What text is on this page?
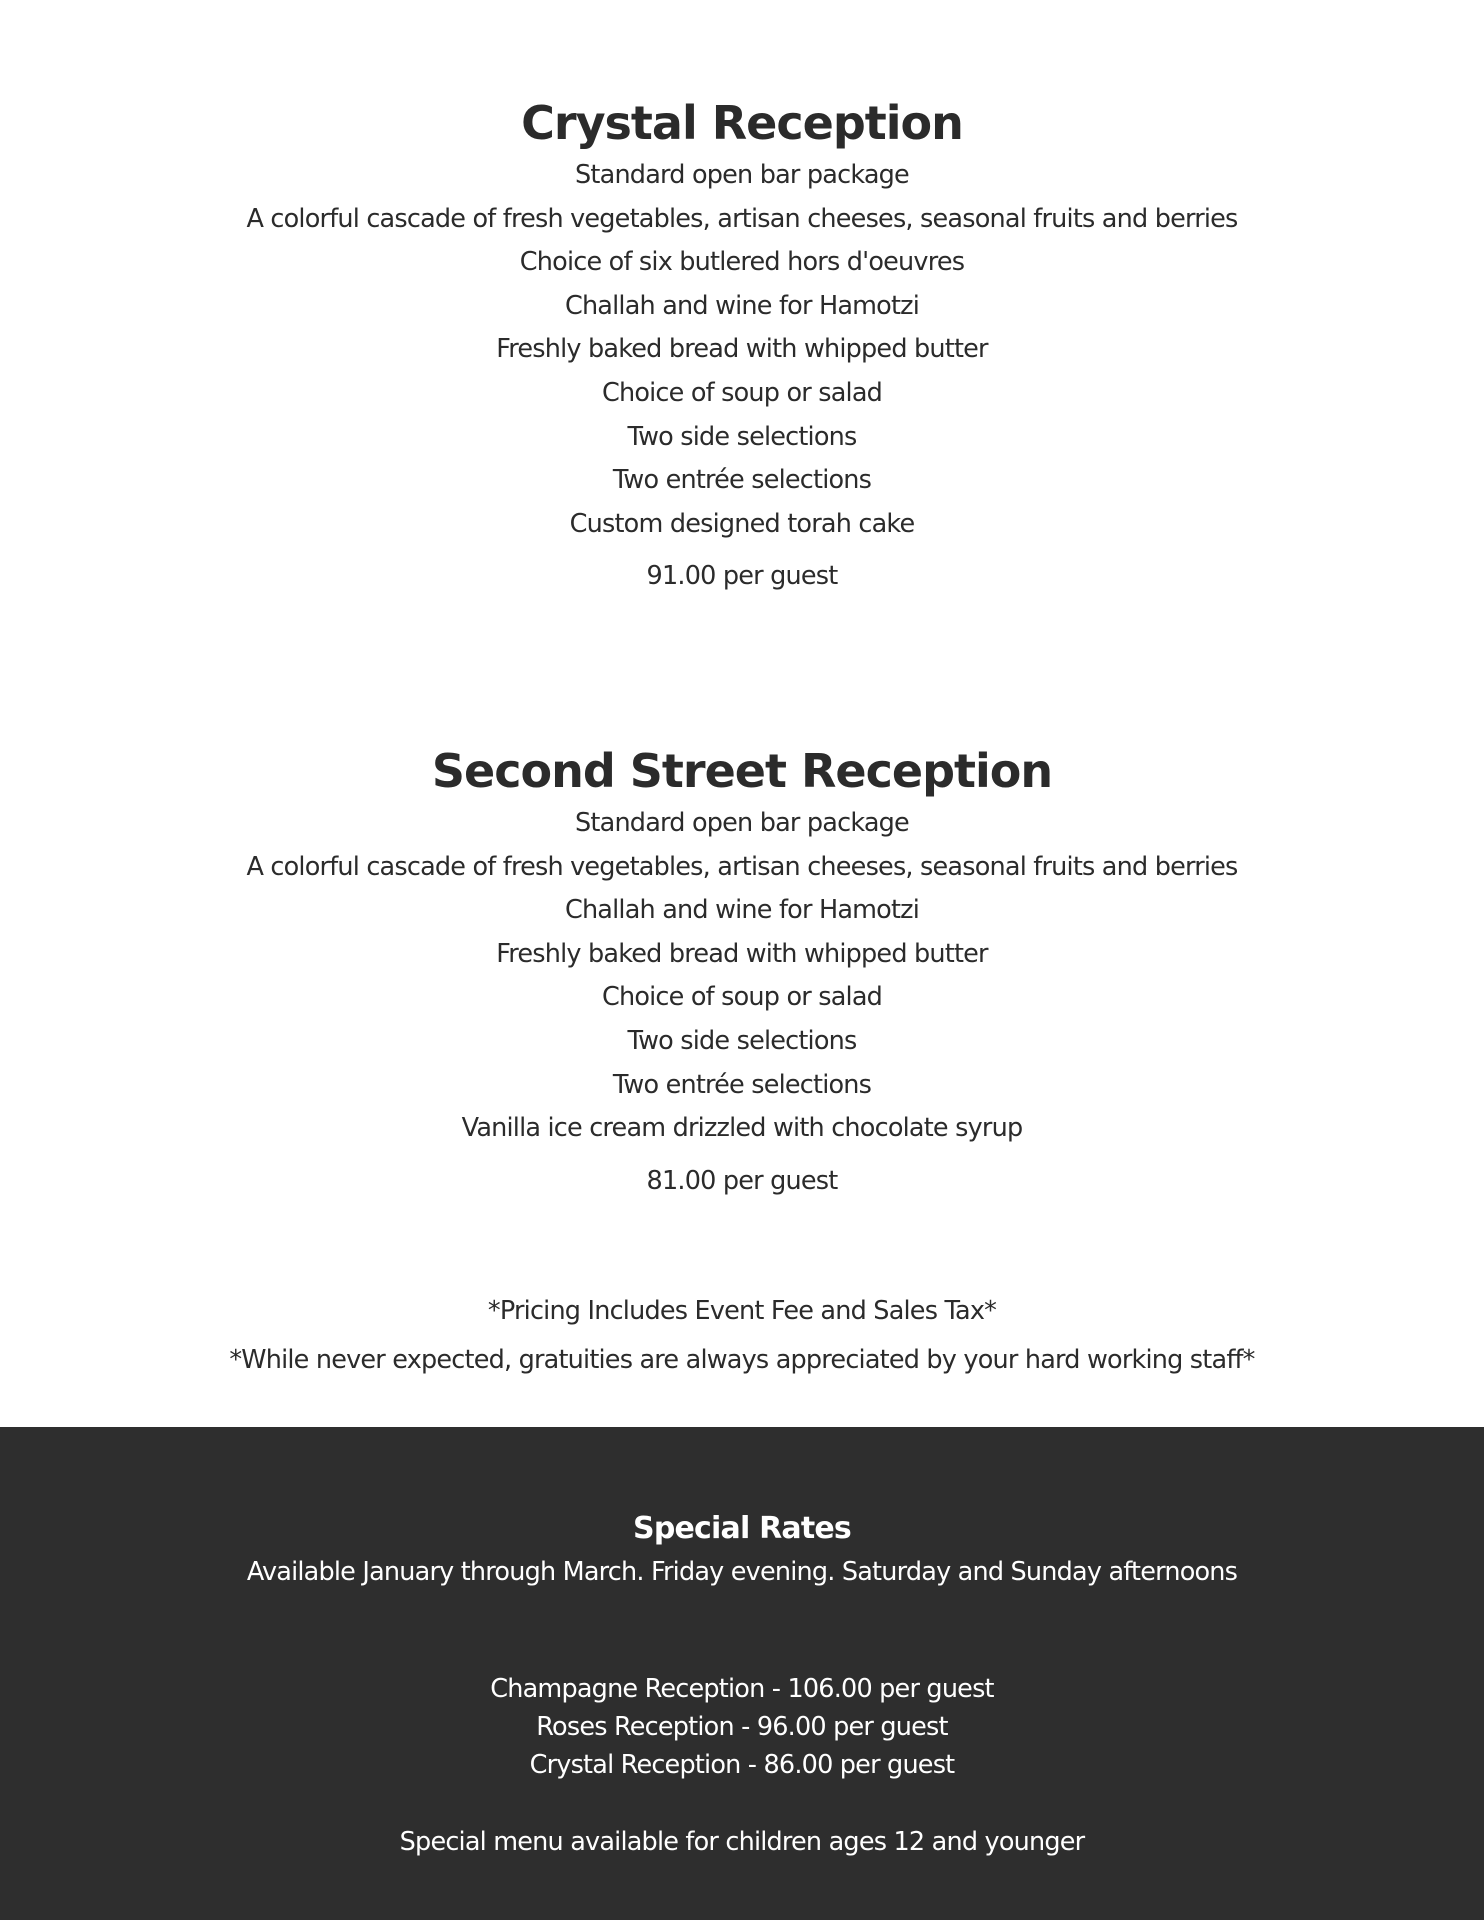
Crystal Reception
Standard open bar package
A colorful cascade of fresh vegetables, artisan cheeses, seasonal fruits and berries
Choice of six butlered hors d'oeuvres
Challah and wine for Hamotzi
Freshly baked bread with whipped butter
Choice of soup or salad
Two side selections
Two entrée selections
Custom designed torah cake
91.00 per guest
Second Street Reception
Standard open bar package
A colorful cascade of fresh vegetables, artisan cheeses, seasonal fruits and berries
Challah and wine for Hamotzi
Freshly baked bread with whipped butter
Choice of soup or salad
Two side selections
Two entrée selections
Vanilla ice cream drizzled with chocolate syrup
81.00 per guest

*Pricing Includes Event Fee and Sales Tax*

*While never expected, gratuities are always appreciated by your hard working staff*

Special Rates

Available January through March. Friday evening. Saturday and Sunday afternoons

Champagne Reception - 106.00 per guest
Roses Reception - 96.00 per guest
Crystal Reception - 86.00 per guest

Special menu available for children ages 12 and younger
